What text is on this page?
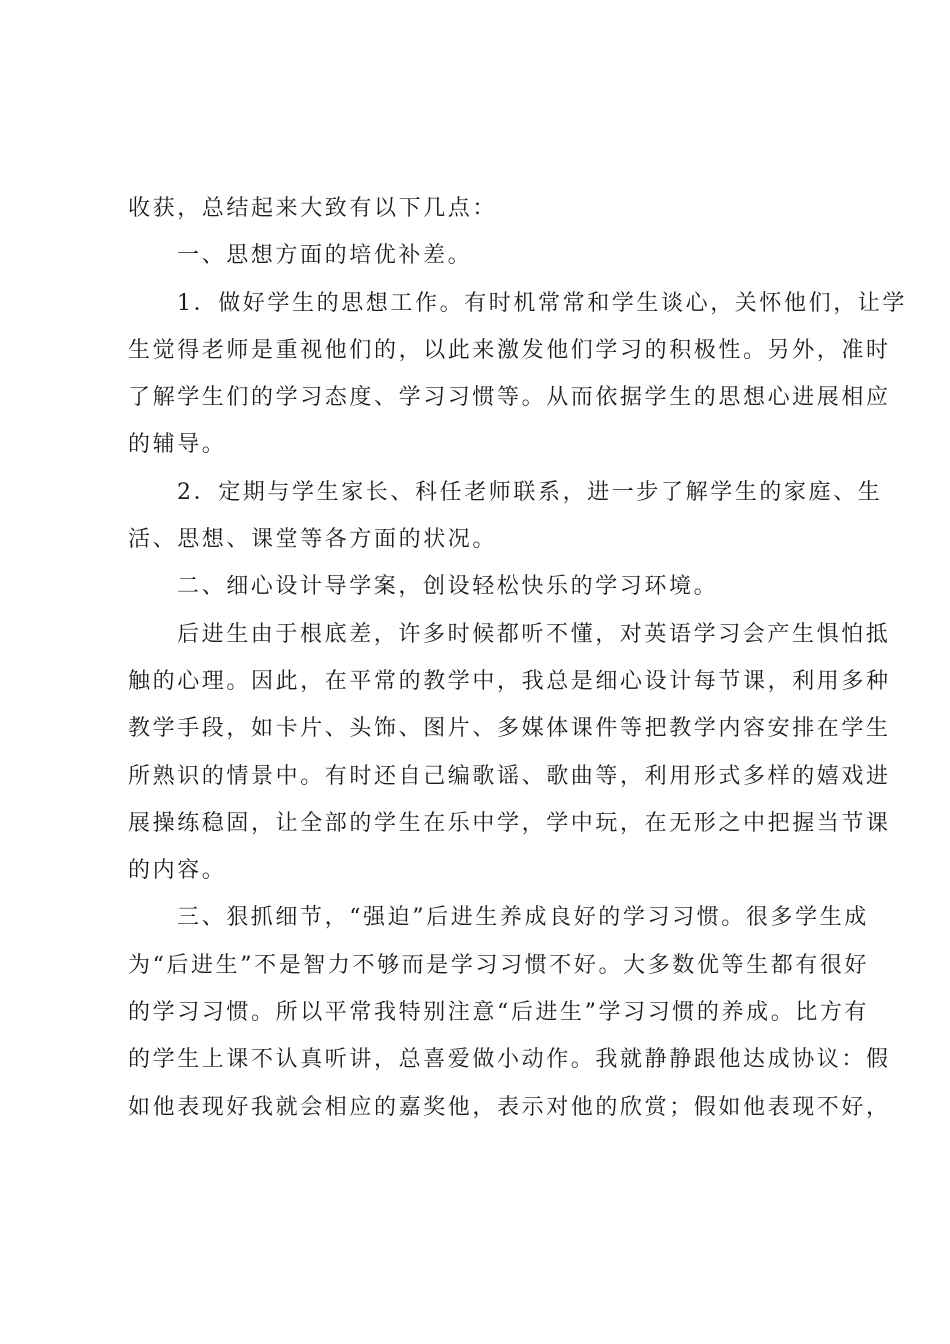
收获，总结起来大致有以下几点：
一、思想方面的培优补差。
1．做好学生的思想工作。有时机常常和学生谈心，关怀他们，让学
生觉得老师是重视他们的，以此来激发他们学习的积极性。另外，准时
了解学生们的学习态度、学习习惯等。从而依据学生的思想心进展相应
的辅导。
2．定期与学生家长、科任老师联系，进一步了解学生的家庭、生
活、思想、课堂等各方面的状况。
二、细心设计导学案，创设轻松快乐的学习环境。
后进生由于根底差，许多时候都听不懂，对英语学习会产生惧怕抵
触的心理。因此，在平常的教学中，我总是细心设计每节课，利用多种
教学手段，如卡片、头饰、图片、多媒体课件等把教学内容安排在学生
所熟识的情景中。有时还自己编歌谣、歌曲等，利用形式多样的嬉戏进
展操练稳固，让全部的学生在乐中学，学中玩，在无形之中把握当节课
的内容。
三、狠抓细节，“强迫”后进生养成良好的学习习惯。很多学生成
为“后进生”不是智力不够而是学习习惯不好。大多数优等生都有很好
的学习习惯。所以平常我特别注意“后进生”学习习惯的养成。比方有
的学生上课不认真听讲，总喜爱做小动作。我就静静跟他达成协议：假
如他表现好我就会相应的嘉奖他，表示对他的欣赏；假如他表现不好，
